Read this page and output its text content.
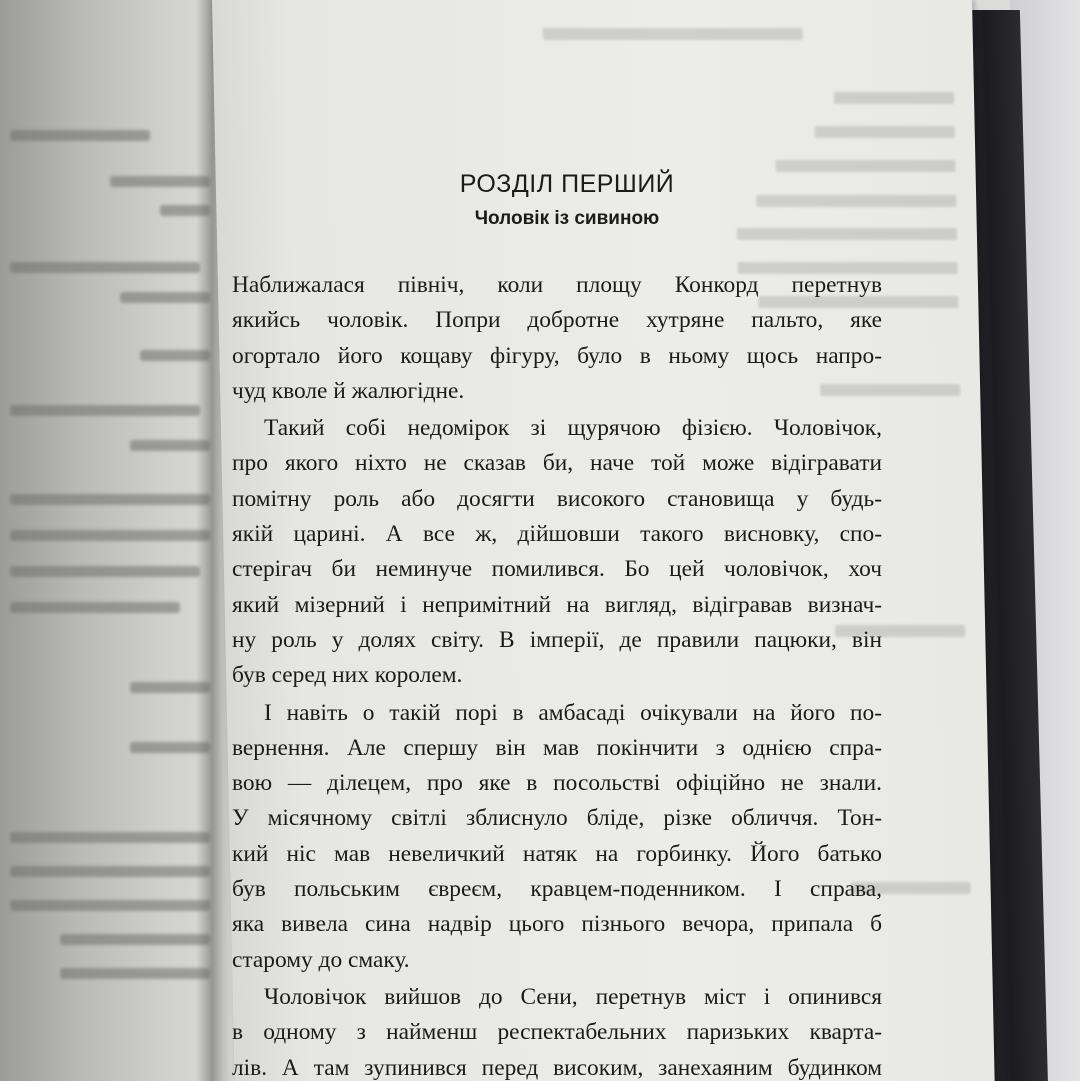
РОЗДІЛ ПЕРШИЙ
Чоловік із сивиною

Наближалася північ, коли площу Конкорд перетнув
якийсь чоловік. Попри добротне хутряне пальто, яке
огортало його кощаву фігуру, було в ньому щось напро-
чуд кволе й жалюгідне.

Такий собі недомірок зі щурячою фізією. Чоловічок,
про якого ніхто не сказав би, наче той може відігравати
помітну роль або досягти високого становища у будь-
якій царині. А все ж, дійшовши такого висновку, спо-
стерігач би неминуче помилився. Бо цей чоловічок, хоч
який мізерний і непримітний на вигляд, відігравав визнач-
ну роль у долях світу. В імперії, де правили пацюки, він
був серед них королем.

І навіть о такій порі в амбасаді очікували на його по-
вернення. Але спершу він мав покінчити з однією спра-
вою — ділецем, про яке в посольстві офіційно не знали.
У місячному світлі зблиснуло бліде, різке обличчя. Тон-
кий ніс мав невеличкий натяк на горбинку. Його батько
був польським євреєм, кравцем-поденником. І справа,
яка вивела сина надвір цього пізнього вечора, припала б
старому до смаку.

Чоловічок вийшов до Сени, перетнув міст і опинився
в одному з найменш респектабельних паризьких кварта-
лів. А там зупинився перед високим, занехаяним будинком
